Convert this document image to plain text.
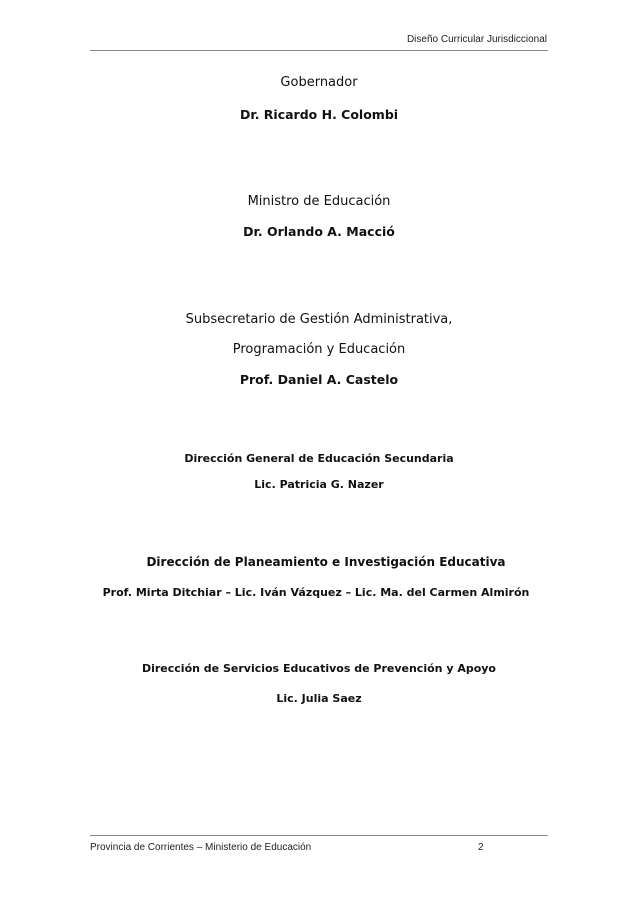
Diseño Curricular Jurisdiccional
Gobernador
Dr. Ricardo H. Colombi
Ministro de Educación
Dr. Orlando A. Macció
Subsecretario de Gestión Administrativa,
Programación y Educación
Prof. Daniel A. Castelo
Dirección General de Educación Secundaria
Lic. Patricia G. Nazer
Dirección de Planeamiento e Investigación Educativa
Prof. Mirta Ditchiar – Lic. Iván Vázquez – Lic. Ma. del Carmen Almirón
Dirección de Servicios Educativos de Prevención y Apoyo
Lic. Julia Saez
Provincia de Corrientes – Ministerio de Educación	2
